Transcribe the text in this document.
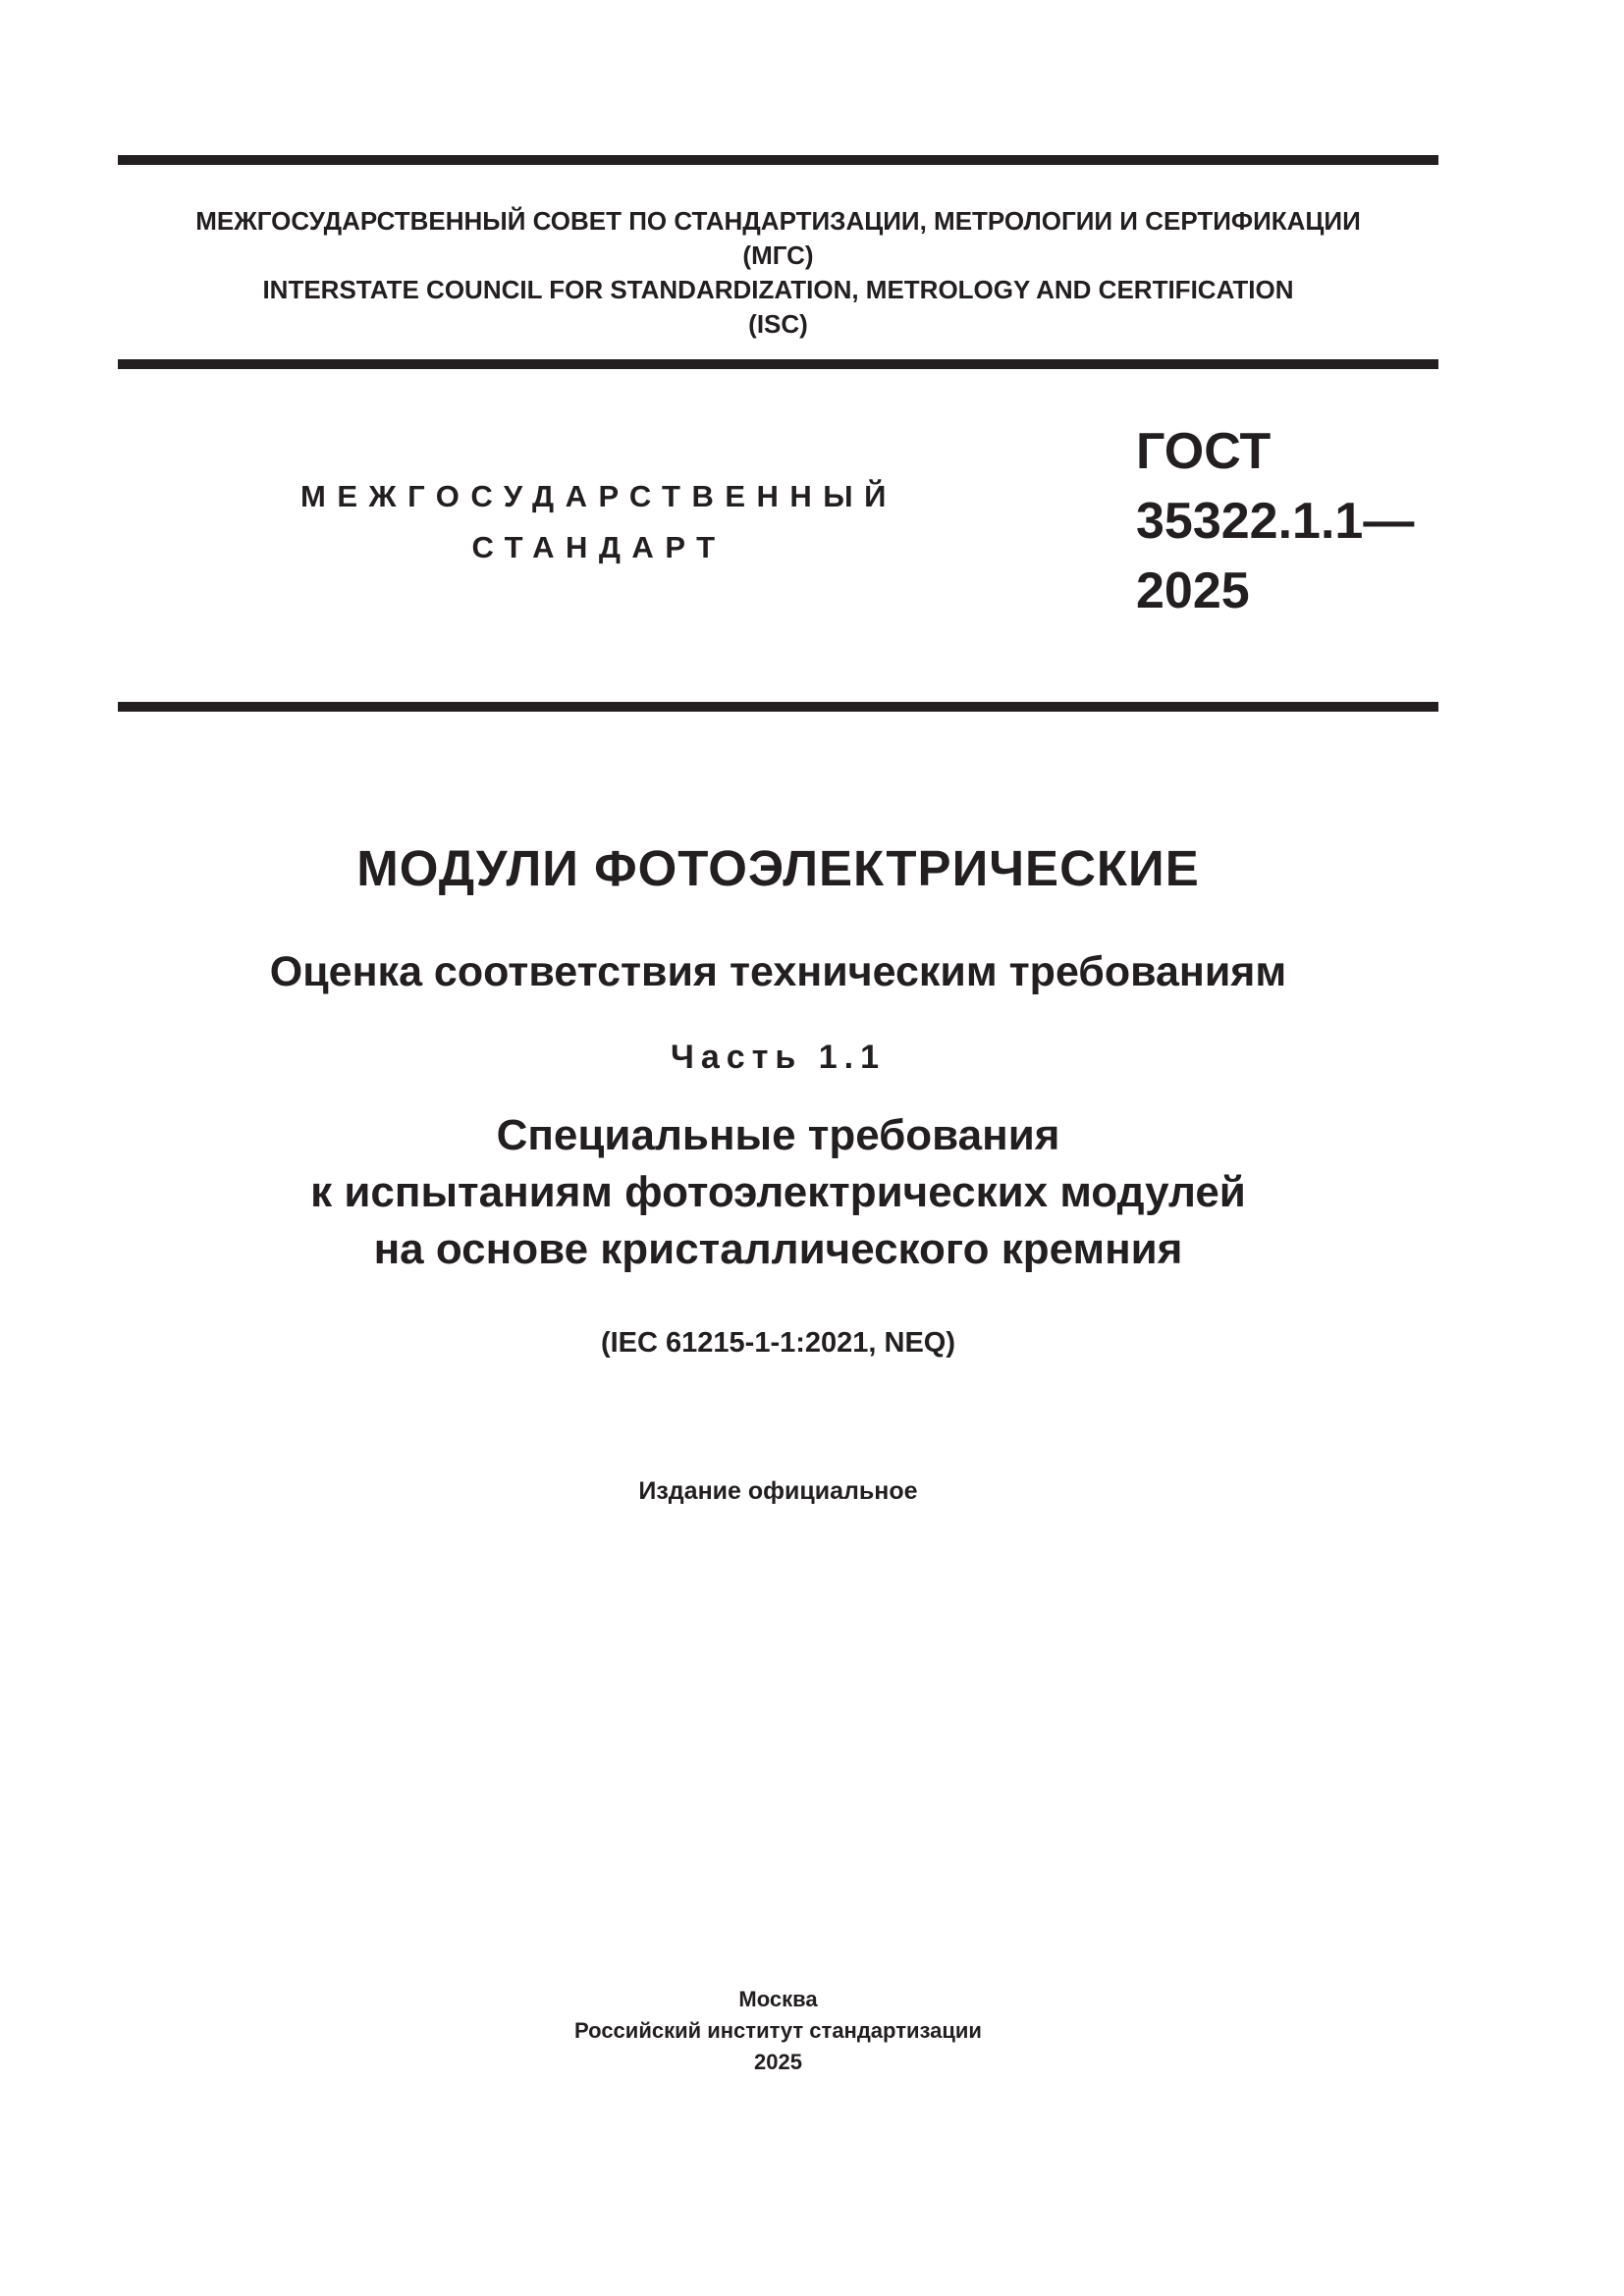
МЕЖГОСУДАРСТВЕННЫЙ СОВЕТ ПО СТАНДАРТИЗАЦИИ, МЕТРОЛОГИИ И СЕРТИФИКАЦИИ
(МГС)
INTERSTATE COUNCIL FOR STANDARDIZATION, METROLOGY AND CERTIFICATION
(ISC)
МЕЖГОСУДАРСТВЕННЫЙ
СТАНДАРТ
ГОСТ
35322.1.1—
2025
МОДУЛИ ФОТОЭЛЕКТРИЧЕСКИЕ
Оценка соответствия техническим требованиям
Часть 1.1
Специальные требования
к испытаниям фотоэлектрических модулей
на основе кристаллического кремния
(IEC 61215-1-1:2021, NEQ)
Издание официальное
Москва
Российский институт стандартизации
2025
